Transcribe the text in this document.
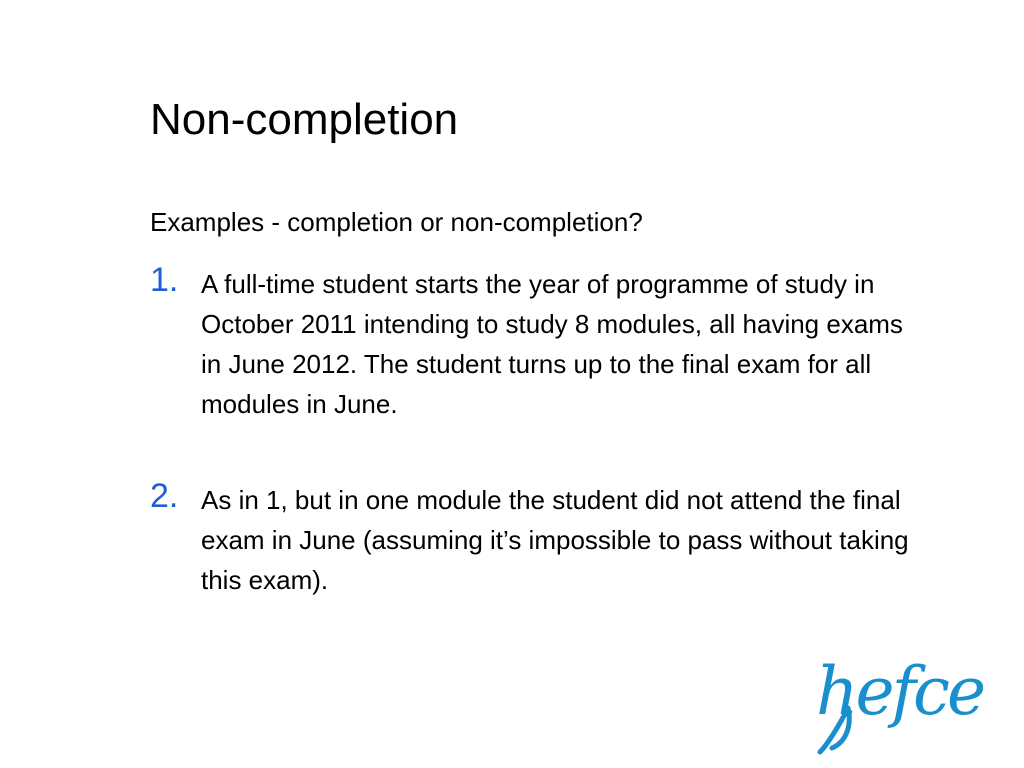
Non-completion

Examples - completion or non-completion?

1. A full-time student starts the year of programme of study in October 2011 intending to study 8 modules, all having exams in June 2012. The student turns up to the final exam for all modules in June.
2. As in 1, but in one module the student did not attend the final exam in June (assuming it’s impossible to pass without taking this exam).
hefce
